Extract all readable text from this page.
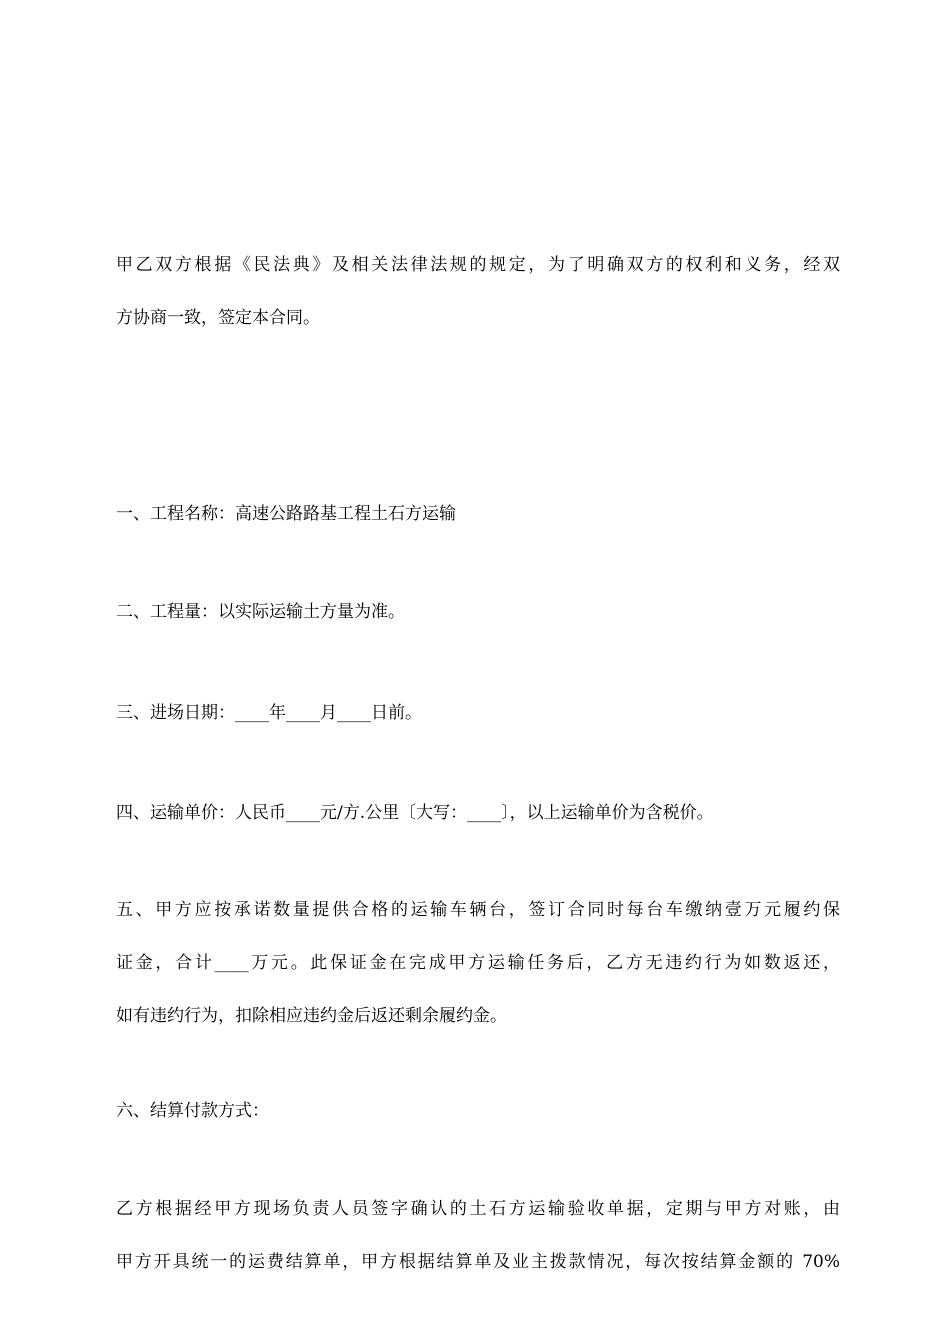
甲乙双方根据《民法典》及相关法律法规的规定，为了明确双方的权利和义务，经双
方协商一致，签定本合同。

一、工程名称：高速公路路基工程土石方运输

二、工程量：以实际运输土方量为准。

三、进场日期：____年____月____日前。

四、运输单价：人民币____元/方.公里〔大写：____〕，以上运输单价为含税价。

五、甲方应按承诺数量提供合格的运输车辆台，签订合同时每台车缴纳壹万元履约保
证金，合计____万元。此保证金在完成甲方运输任务后，乙方无违约行为如数返还，
如有违约行为，扣除相应违约金后返还剩余履约金。

六、结算付款方式：

乙方根据经甲方现场负责人员签字确认的土石方运输验收单据，定期与甲方对账，由
甲方开具统一的运费结算单，甲方根据结算单及业主拨款情况，每次按结算金额的 70%
